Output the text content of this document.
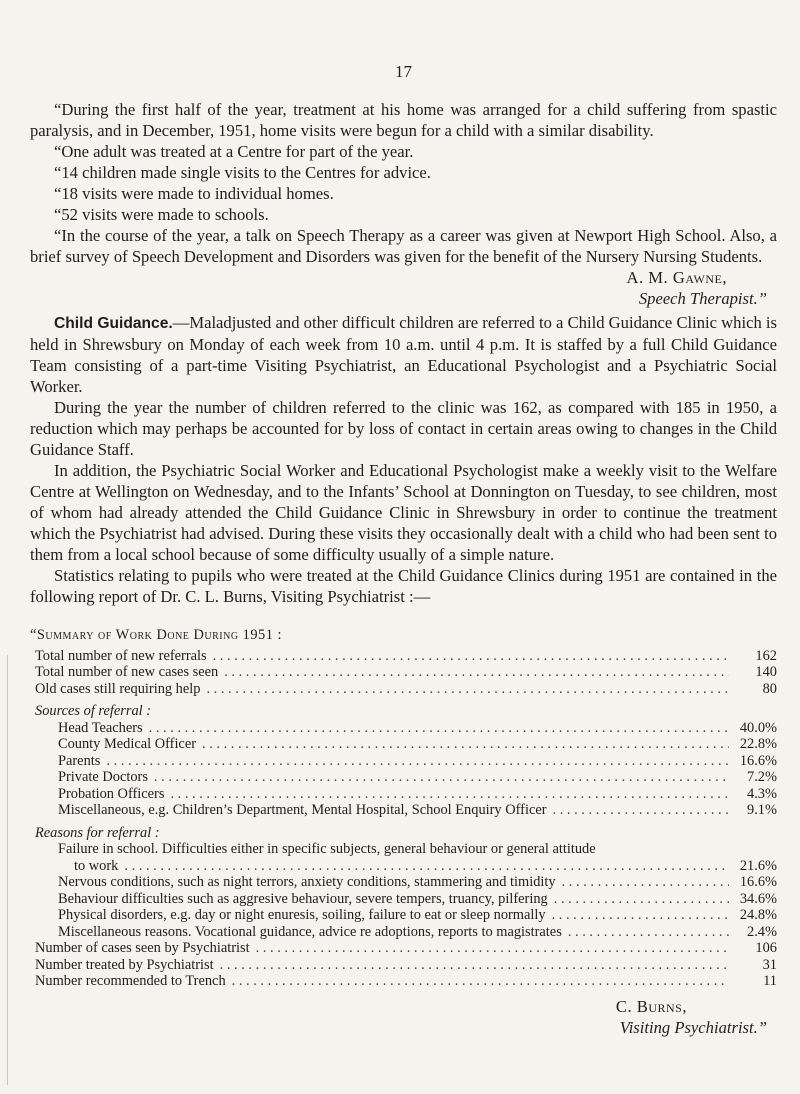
17

“During the first half of the year, treatment at his home was arranged for a child suffering from spastic paralysis, and in December, 1951, home visits were begun for a child with a similar disability.

“One adult was treated at a Centre for part of the year.

“14 children made single visits to the Centres for advice.

“18 visits were made to individual homes.

“52 visits were made to schools.

“In the course of the year, a talk on Speech Therapy as a career was given at Newport High School. Also, a brief survey of Speech Development and Disorders was given for the benefit of the Nursery Nursing Students.

A. M. Gawne,
Speech Therapist.”

Child Guidance.—Maladjusted and other difficult children are referred to a Child Guidance Clinic which is held in Shrewsbury on Monday of each week from 10 a.m. until 4 p.m. It is staffed by a full Child Guidance Team consisting of a part-time Visiting Psychiatrist, an Educational Psychologist and a Psychiatric Social Worker.

During the year the number of children referred to the clinic was 162, as compared with 185 in 1950, a reduction which may perhaps be accounted for by loss of contact in certain areas owing to changes in the Child Guidance Staff.

In addition, the Psychiatric Social Worker and Educational Psychologist make a weekly visit to the Welfare Centre at Wellington on Wednesday, and to the Infants’ School at Donnington on Tuesday, to see children, most of whom had already attended the Child Guidance Clinic in Shrewsbury in order to continue the treatment which the Psychiatrist had advised. During these visits they occasionally dealt with a child who had been sent to them from a local school because of some difficulty usually of a simple nature.

Statistics relating to pupils who were treated at the Child Guidance Clinics during 1951 are contained in the following report of Dr. C. L. Burns, Visiting Psychiatrist :—

“Summary of Work Done During 1951 :
Total number of new referrals . . .	162
Total number of new cases seen . . .	140
Old cases still requiring help . . .	80
Sources of referral :
Head Teachers . . .	40.0%
County Medical Officer . . .	22.8%
Parents . . .	16.6%
Private Doctors . . .	7.2%
Probation Officers . . .	4.3%
Miscellaneous, e.g. Children’s Department, Mental Hospital, School Enquiry Officer . . .	9.1%
Reasons for referral :
Failure in school. Difficulties either in specific subjects, general behaviour or general attitude
to work . . .	21.6%
Nervous conditions, such as night terrors, anxiety conditions, stammering and timidity . . .	16.6%
Behaviour difficulties such as aggresive behaviour, severe tempers, truancy, pilfering . . .	34.6%
Physical disorders, e.g. day or night enuresis, soiling, failure to eat or sleep normally . . .	24.8%
Miscellaneous reasons. Vocational guidance, advice re adoptions, reports to magistrates . . .	2.4%
Number of cases seen by Psychiatrist . . .	106
Number treated by Psychiatrist . . .	31
Number recommended to Trench . . .	11
C. Burns,
Visiting Psychiatrist.”
